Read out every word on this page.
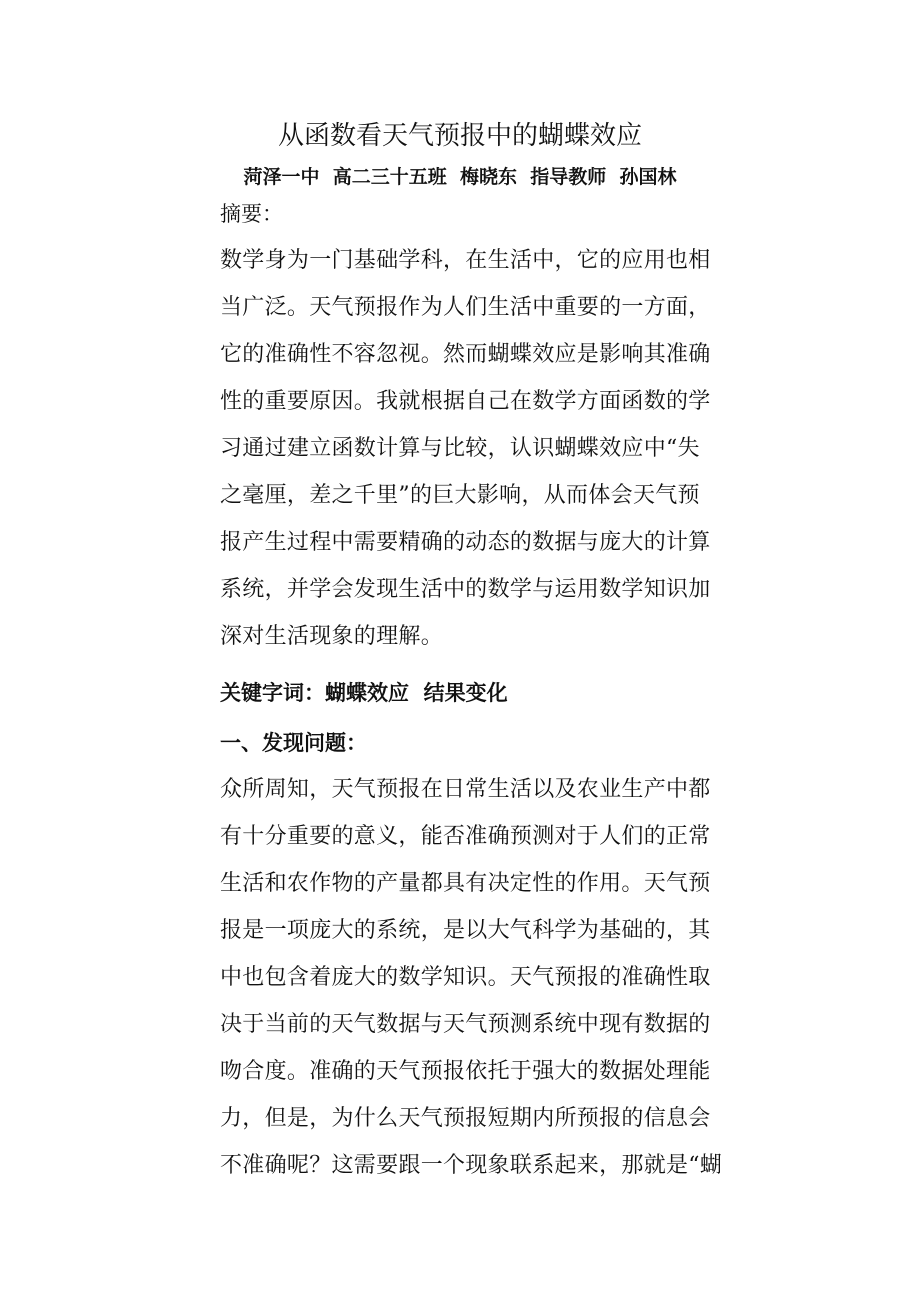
从函数看天气预报中的蝴蝶效应
菏泽一中  高二三十五班  梅晓东  指导教师  孙国林
摘要：
数学身为一门基础学科，在生活中，它的应用也相
当广泛。天气预报作为人们生活中重要的一方面，
它的准确性不容忽视。然而蝴蝶效应是影响其准确
性的重要原因。我就根据自己在数学方面函数的学
习通过建立函数计算与比较，认识蝴蝶效应中“失
之毫厘，差之千里”的巨大影响，从而体会天气预
报产生过程中需要精确的动态的数据与庞大的计算
系统，并学会发现生活中的数学与运用数学知识加
深对生活现象的理解。
关键字词：蝴蝶效应  结果变化
一、发现问题：
众所周知，天气预报在日常生活以及农业生产中都
有十分重要的意义，能否准确预测对于人们的正常
生活和农作物的产量都具有决定性的作用。天气预
报是一项庞大的系统，是以大气科学为基础的，其
中也包含着庞大的数学知识。天气预报的准确性取
决于当前的天气数据与天气预测系统中现有数据的
吻合度。准确的天气预报依托于强大的数据处理能
力，但是，为什么天气预报短期内所预报的信息会
不准确呢？这需要跟一个现象联系起来，那就是“蝴
